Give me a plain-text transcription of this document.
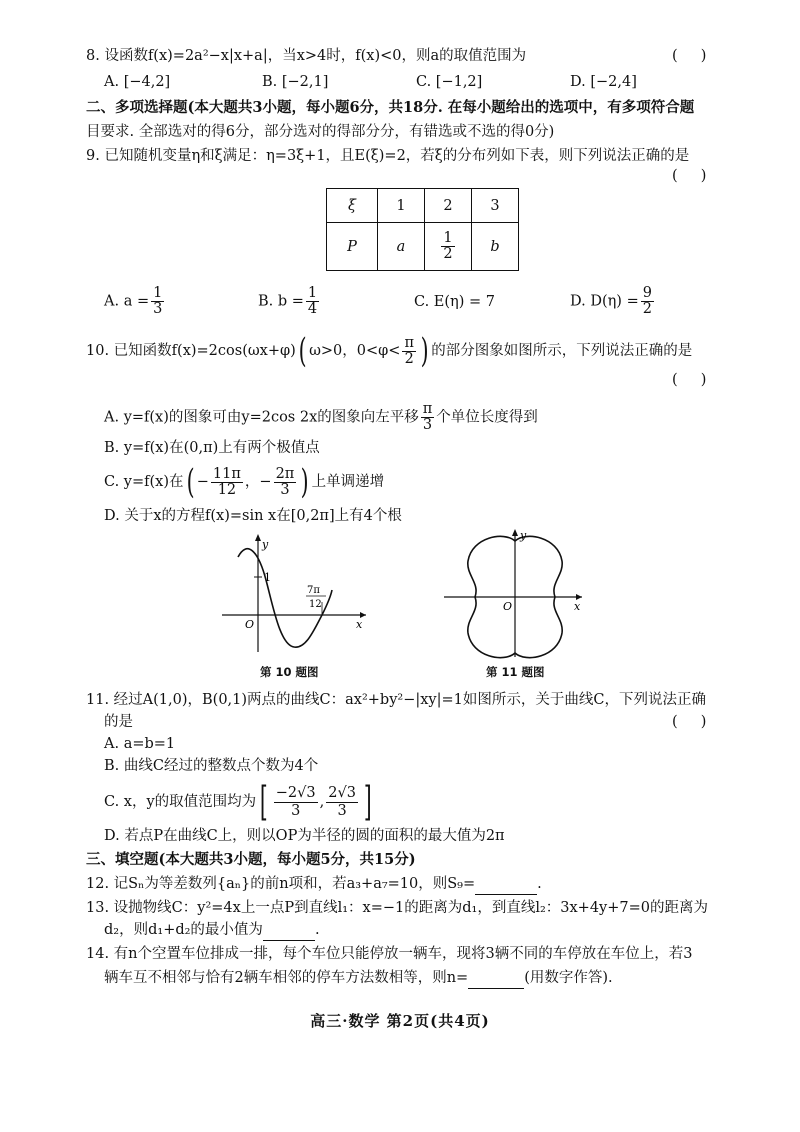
8. 设函数f(x)=2a²−x|x+a|，当x>4时，f(x)<0，则a的取值范围为	(     )
A. [−4,2]	B. [−2,1]	C. [−1,2]	D. [−2,4]
二、多项选择题(本大题共3小题，每小题6分，共18分. 在每小题给出的选项中，有多项符合题
目要求. 全部选对的得6分，部分选对的得部分分，有错选或不选的得0分)
9. 已知随机变量η和ξ满足：η=3ξ+1，且E(ξ)=2，若ξ的分布列如下表，则下列说法正确的是
(     )
ξ	1	2	3
P	a	$\frac{1}{2}$	b
A. $a = \frac{1}{3}$	B. $b = \frac{1}{4}$	C. E(η) = 7	D. $D(\eta) = \frac{9}{2}$
10. 已知函数f(x)=2cos(ωx+φ)( ω>0，$0<\varphi< \frac{\pi}{2}$ ) 的部分图象如图所示，下列说法正确的是
(     )
A. y=f(x)的图象可由y=2cos 2x的图象向左平移 $\frac{\pi}{3}$ 个单位长度得到
B. y=f(x)在(0,π)上有两个极值点
C. y=f(x)在( − $\frac{11\pi}{12}$ ，− $\frac{2\pi}{3}$ ) 上单调递增
D. 关于x的方程f(x)=sin x在[0,2π]上有4个根
y
x
O
1
7π
12
第 10 题图
y
x
O
第 11 题图
11. 经过A(1,0)，B(0,1)两点的曲线C：ax²+by²−|xy|=1如图所示，关于曲线C，下列说法正确
的是	(     )
A. a=b=1
B. 曲线C经过的整数点个数为4个
C. x，y的取值范围均为[ $\frac{-2√3}{3}$ , $\frac{2√3}{3}$ ]
D. 若点P在曲线C上，则以OP为半径的圆的面积的最大值为2π
三、填空题(本大题共3小题，每小题5分，共15分)
12. 记Sₙ为等差数列{aₙ}的前n项和，若a₃+a₇=10，则S₉=	.
13. 设抛物线C：y²=4x上一点P到直线l₁：x=−1的距离为d₁，到直线l₂：3x+4y+7=0的距离为
d₂，则d₁+d₂的最小值为	.
14. 有n个空置车位排成一排，每个车位只能停放一辆车，现将3辆不同的车停放在车位上，若3
辆车互不相邻与恰有2辆车相邻的停车方法数相等，则n=	(用数字作答).
高三·数学 第2页(共4页)
